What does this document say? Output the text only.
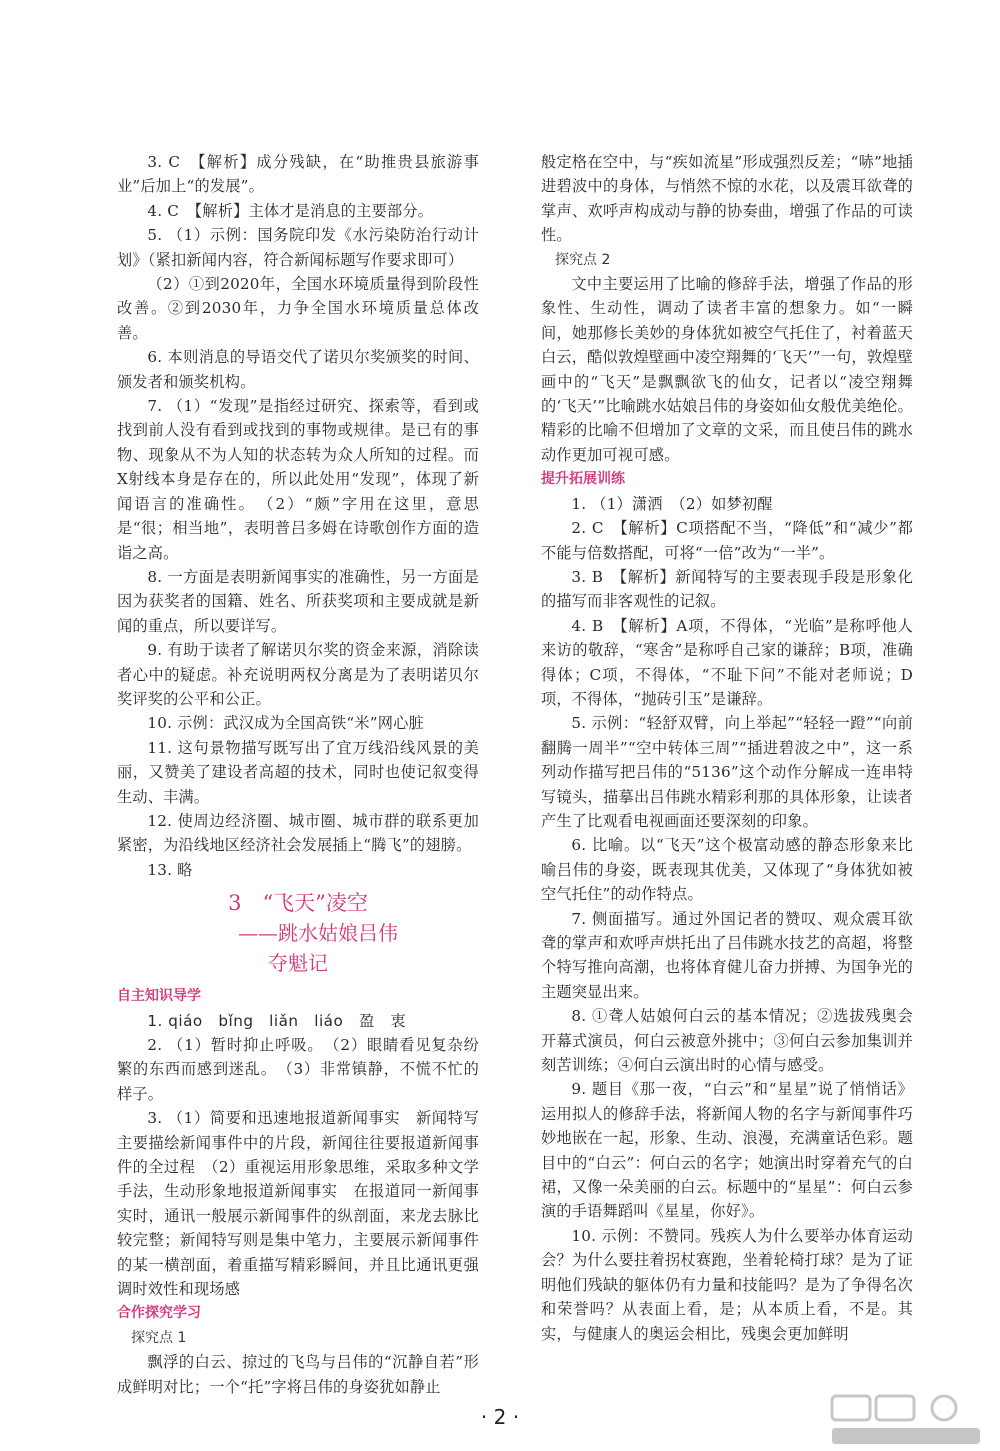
3. C　【解析】成分残缺，在“助推贵县旅游事业”后加上“的发展”。

4. C　【解析】主体才是消息的主要部分。

5. （1）示例：国务院印发《水污染防治行动计划》（紧扣新闻内容，符合新闻标题写作要求即可）

（2）①到2020年，全国水环境质量得到阶段性改善。②到2030年，力争全国水环境质量总体改善。

6. 本则消息的导语交代了诺贝尔奖颁奖的时间、颁发者和颁奖机构。

7. （1）“发现”是指经过研究、探索等，看到或找到前人没有看到或找到的事物或规律。是已有的事物、现象从不为人知的状态转为众人所知的过程。而X射线本身是存在的，所以此处用“发现”，体现了新闻语言的准确性。　（2）“颇”字用在这里，意思是“很；相当地”，表明普吕多姆在诗歌创作方面的造诣之高。

8. 一方面是表明新闻事实的准确性，另一方面是因为获奖者的国籍、姓名、所获奖项和主要成就是新闻的重点，所以要详写。

9. 有助于读者了解诺贝尔奖的资金来源，消除读者心中的疑虑。补充说明两权分离是为了表明诺贝尔奖评奖的公平和公正。

10. 示例：武汉成为全国高铁“米”网心脏

11. 这句景物描写既写出了宜万线沿线风景的美丽，又赞美了建设者高超的技术，同时也使记叙变得生动、丰满。

12. 使周边经济圈、城市圈、城市群的联系更加紧密，为沿线地区经济社会发展插上“腾飞”的翅膀。

13. 略

3　“飞天”凌空

——跳水姑娘吕伟

夺魁记

自主知识导学

1. qiáo　bǐng　liǎn　liáo　盈　衷

2. （1）暂时抑止呼吸。　（2）眼睛看见复杂纷繁的东西而感到迷乱。　（3）非常镇静，不慌不忙的样子。

3. （1）简要和迅速地报道新闻事实　新闻特写主要描绘新闻事件中的片段，新闻往往要报道新闻事件的全过程　（2）重视运用形象思维，采取多种文学手法，生动形象地报道新闻事实　在报道同一新闻事实时，通讯一般展示新闻事件的纵剖面，来龙去脉比较完整；新闻特写则是集中笔力，主要展示新闻事件的某一横剖面，着重描写精彩瞬间，并且比通讯更强调时效性和现场感

合作探究学习

探究点 1

飘浮的白云、掠过的飞鸟与吕伟的“沉静自若”形成鲜明对比；一个“托”字将吕伟的身姿犹如静止

般定格在空中，与“疾如流星”形成强烈反差；“哧”地插进碧波中的身体，与悄然不惊的水花，以及震耳欲聋的掌声、欢呼声构成动与静的协奏曲，增强了作品的可读性。

探究点 2

文中主要运用了比喻的修辞手法，增强了作品的形象性、生动性，调动了读者丰富的想象力。如“一瞬间，她那修长美妙的身体犹如被空气托住了，衬着蓝天白云，酷似敦煌壁画中凌空翔舞的‘飞天’”一句，敦煌壁画中的“飞天”是飘飘欲飞的仙女，记者以“凌空翔舞的‘飞天’”比喻跳水姑娘吕伟的身姿如仙女般优美绝伦。精彩的比喻不但增加了文章的文采，而且使吕伟的跳水动作更加可视可感。

提升拓展训练

1. （1）潇洒　（2）如梦初醒

2. C　【解析】C项搭配不当，“降低”和“减少”都不能与倍数搭配，可将“一倍”改为“一半”。

3. B　【解析】新闻特写的主要表现手段是形象化的描写而非客观性的记叙。

4. B　【解析】A项，不得体，“光临”是称呼他人来访的敬辞，“寒舍”是称呼自己家的谦辞；B项，准确得体；C项，不得体，“不耻下问”不能对老师说；D项，不得体，“抛砖引玉”是谦辞。

5. 示例：“轻舒双臂，向上举起”“轻轻一蹬”“向前翻腾一周半”“空中转体三周”“插进碧波之中”，这一系列动作描写把吕伟的“5136”这个动作分解成一连串特写镜头，描摹出吕伟跳水精彩利那的具体形象，让读者产生了比观看电视画面还要深刻的印象。

6. 比喻。以“飞天”这个极富动感的静态形象来比喻吕伟的身姿，既表现其优美，又体现了“身体犹如被空气托住”的动作特点。

7. 侧面描写。通过外国记者的赞叹、观众震耳欲聋的掌声和欢呼声烘托出了吕伟跳水技艺的高超，将整个特写推向高潮，也将体育健儿奋力拼搏、为国争光的主题突显出来。

8. ①聋人姑娘何白云的基本情况；②选拔残奥会开幕式演员，何白云被意外挑中；③何白云参加集训并刻苦训练；④何白云演出时的心情与感受。

9. 题目《那一夜，“白云”和“星星”说了悄悄话》运用拟人的修辞手法，将新闻人物的名字与新闻事件巧妙地嵌在一起，形象、生动、浪漫，充满童话色彩。题目中的“白云”：何白云的名字；她演出时穿着充气的白裙，又像一朵美丽的白云。标题中的“星星”：何白云参演的手语舞蹈叫《星星，你好》。

10. 示例：不赞同。残疾人为什么要举办体育运动会？为什么要拄着拐杖赛跑，坐着轮椅打球？是为了证明他们残缺的躯体仍有力量和技能吗？是为了争得名次和荣誉吗？从表面上看，是；从本质上看，不是。其实，与健康人的奥运会相比，残奥会更加鲜明

· 2 ·
